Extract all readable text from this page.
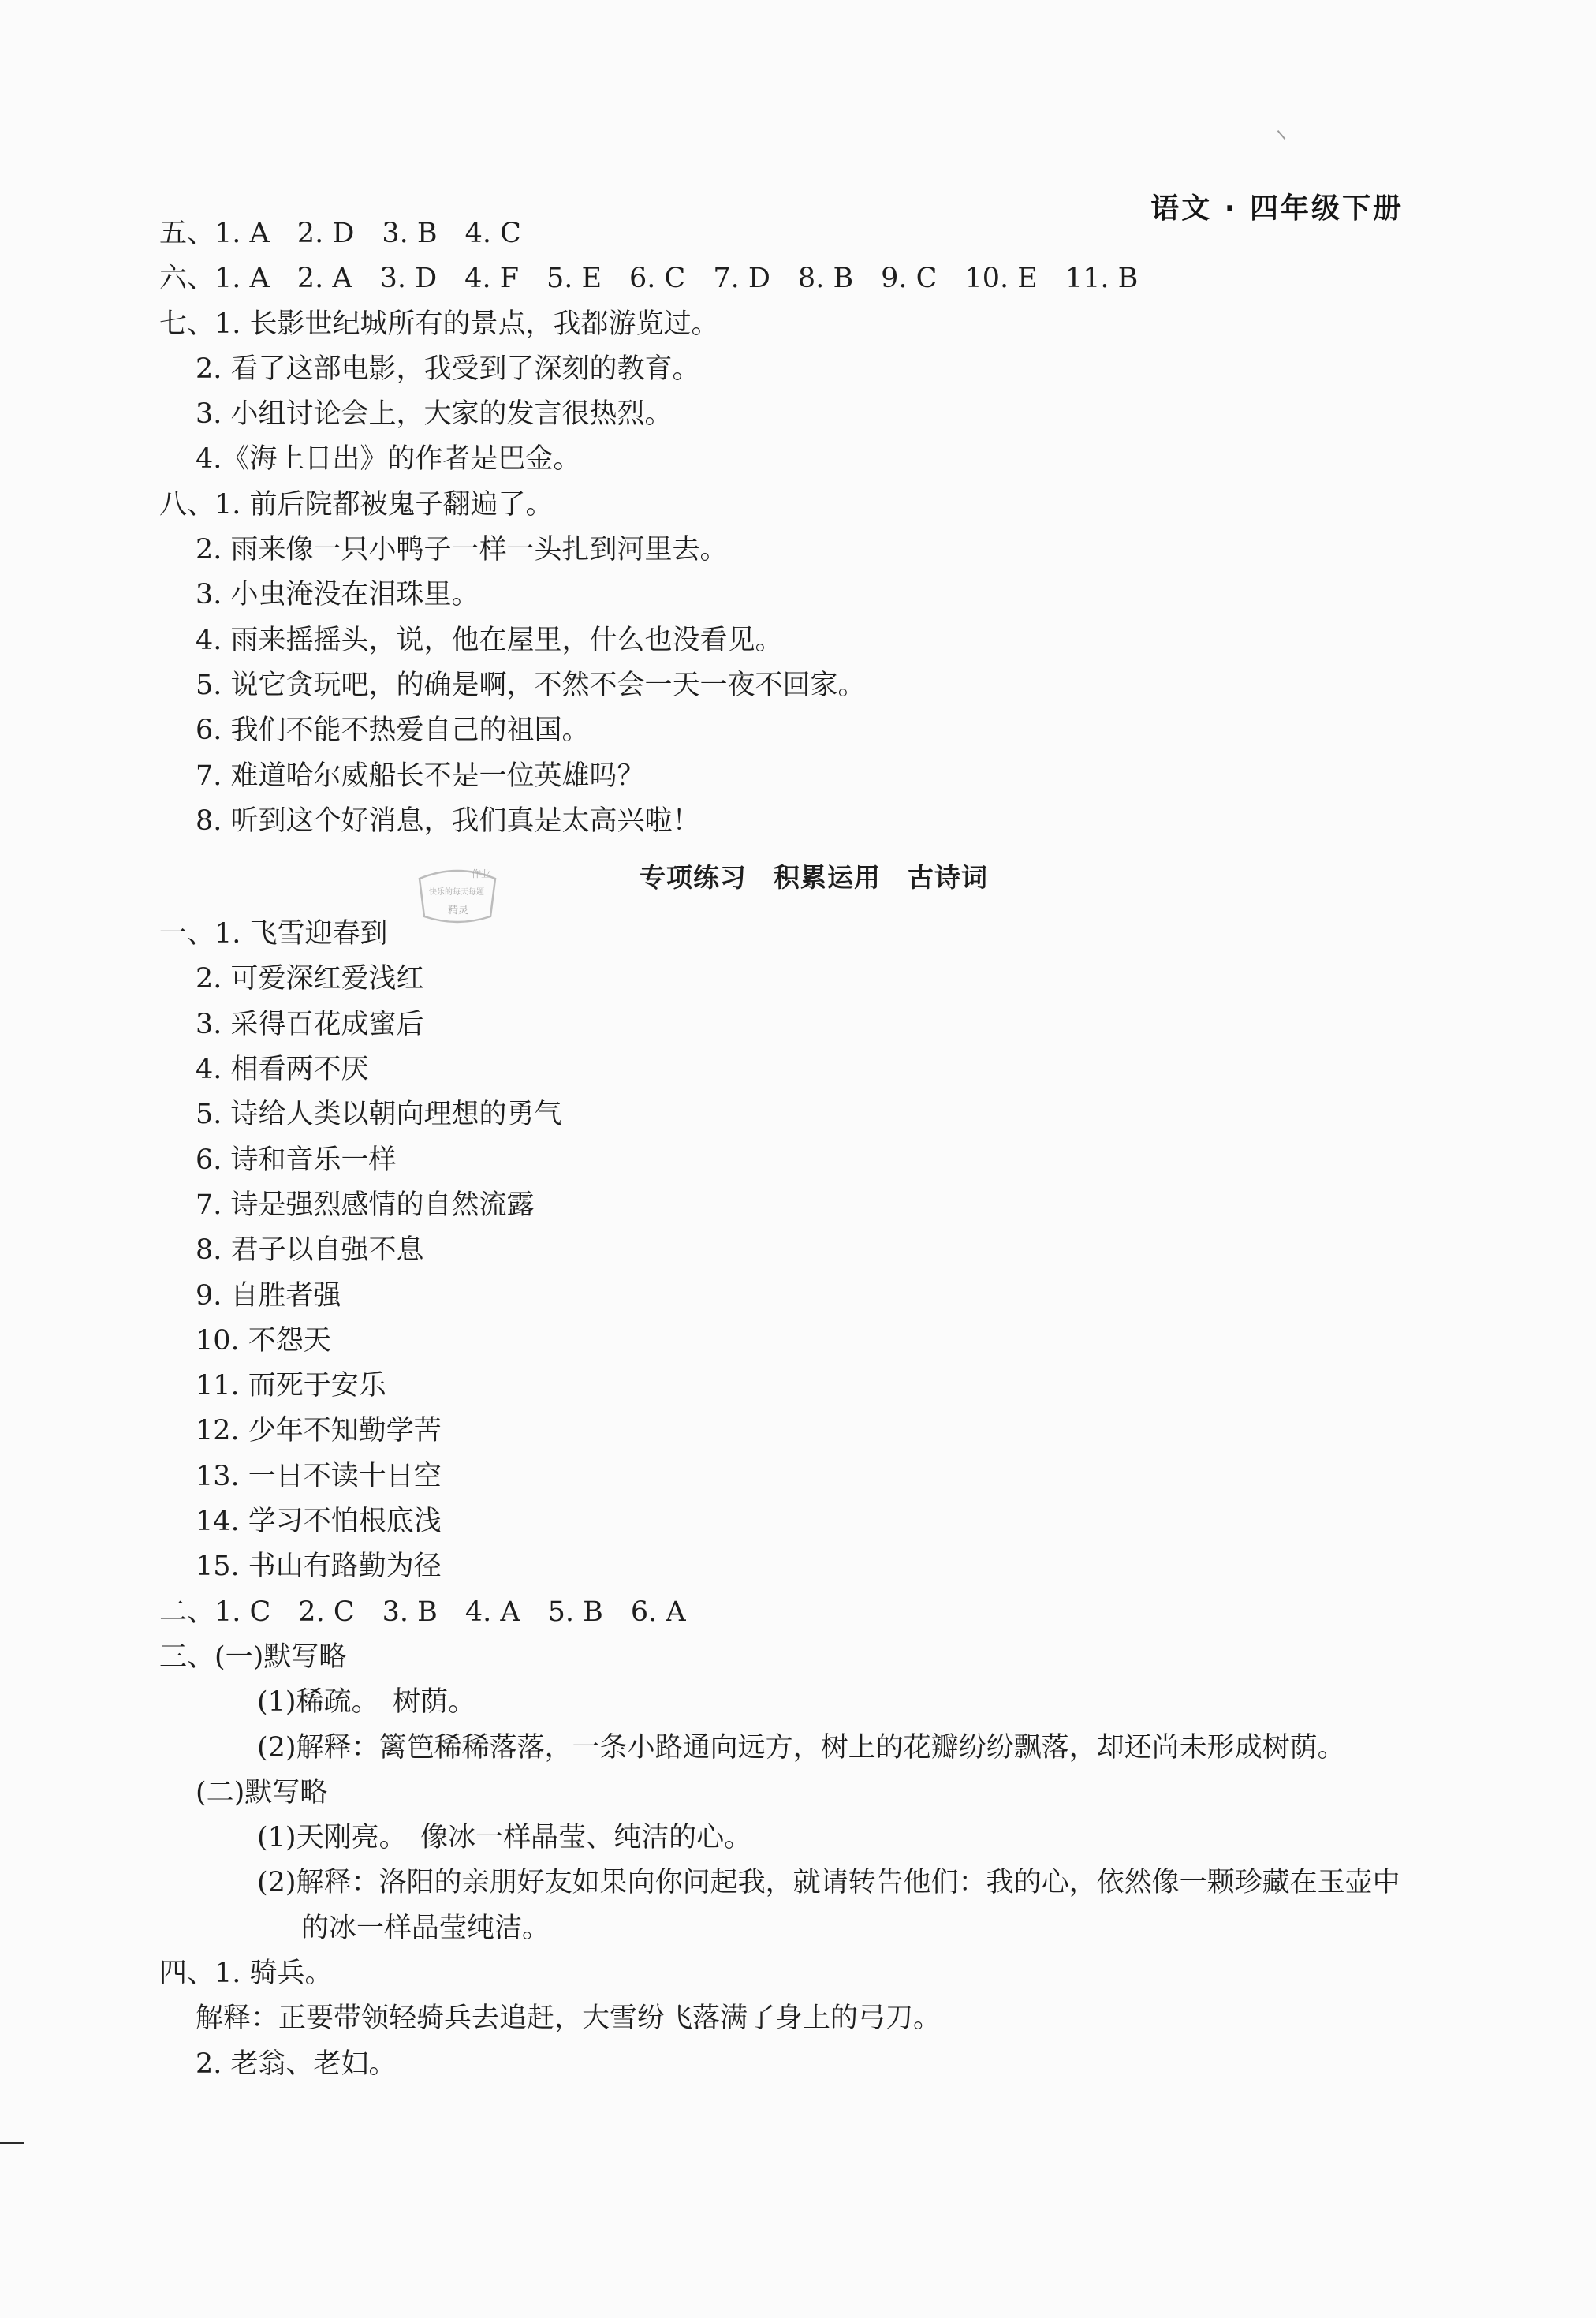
语文 · 四年级下册
五、1. A　2. D　3. B　4. C
六、1. A　2. A　3. D　4. F　5. E　6. C　7. D　8. B　9. C　10. E　11. B
七、1. 长影世纪城所有的景点，我都游览过。
2. 看了这部电影，我受到了深刻的教育。
3. 小组讨论会上，大家的发言很热烈。
4.《海上日出》的作者是巴金。
八、1. 前后院都被鬼子翻遍了。
2. 雨来像一只小鸭子一样一头扎到河里去。
3. 小虫淹没在泪珠里。
4. 雨来摇摇头，说，他在屋里，什么也没看见。
5. 说它贪玩吧，的确是啊，不然不会一天一夜不回家。
6. 我们不能不热爱自己的祖国。
7. 难道哈尔威船长不是一位英雄吗？
8. 听到这个好消息，我们真是太高兴啦！
专项练习　积累运用　古诗词
一、1. 飞雪迎春到
2. 可爱深红爱浅红
3. 采得百花成蜜后
4. 相看两不厌
5. 诗给人类以朝向理想的勇气
6. 诗和音乐一样
7. 诗是强烈感情的自然流露
8. 君子以自强不息
9. 自胜者强
10. 不怨天
11. 而死于安乐
12. 少年不知勤学苦
13. 一日不读十日空
14. 学习不怕根底浅
15. 书山有路勤为径
二、1. C　2. C　3. B　4. A　5. B　6. A
三、(一)默写略
(1)稀疏。　树荫。
(2)解释：篱笆稀稀落落，一条小路通向远方，树上的花瓣纷纷飘落，却还尚未形成树荫。
(二)默写略
(1)天刚亮。　像冰一样晶莹、纯洁的心。
(2)解释：洛阳的亲朋好友如果向你问起我，就请转告他们：我的心，依然像一颗珍藏在玉壶中
的冰一样晶莹纯洁。
四、1. 骑兵。
解释：正要带领轻骑兵去追赶，大雪纷飞落满了身上的弓刀。
2. 老翁、老妇。
作业
快乐的每天每题
精灵
